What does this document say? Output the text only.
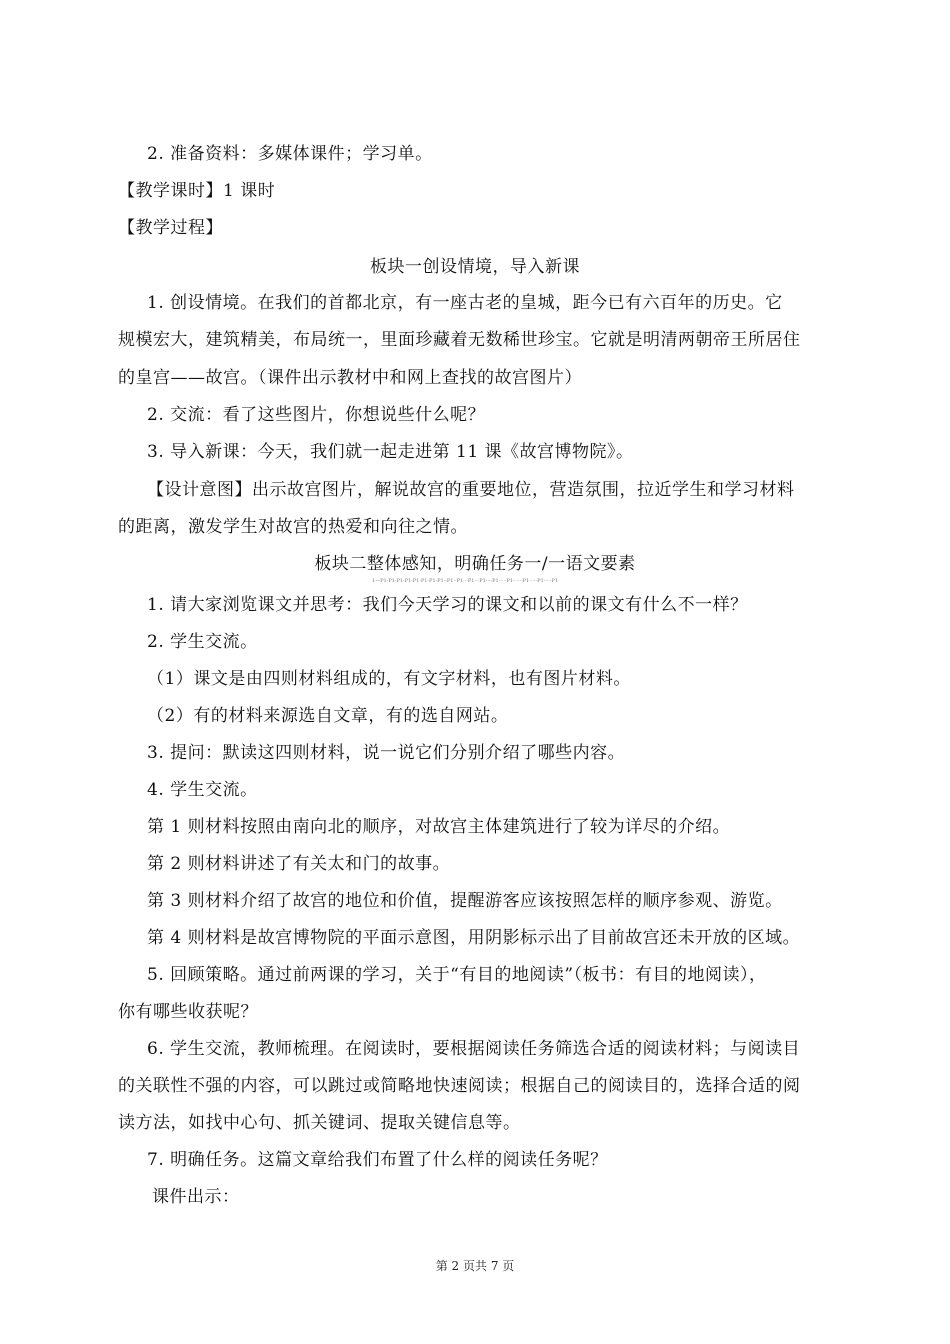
2. 准备资料：多媒体课件；学习单。
【教学课时】1 课时
【教学过程】
板块一创设情境，导入新课
1. 创设情境。在我们的首都北京，有一座古老的皇城，距今已有六百年的历史。它
规模宏大，建筑精美，布局统一，里面珍藏着无数稀世珍宝。它就是明清两朝帝王所居住
的皇宫——故宫。（课件出示教材中和网上查找的故宫图片）
2. 交流：看了这些图片，你想说些什么呢？
3. 导入新课：今天，我们就一起走进第 11 课《故宫博物院》。
【设计意图】出示故宫图片，解说故宫的重要地位，营造氛围，拉近学生和学习材料
的距离，激发学生对故宫的热爱和向往之情。
板块二整体感知，明确任务一/一语文要素
1—P1·P1·P1·P1·P1·P1·P1·P1··P1··P1···P1···P1····P1·····P1······P1·····P1·····P1
1. 请大家浏览课文并思考：我们今天学习的课文和以前的课文有什么不一样？
2. 学生交流。
（1）课文是由四则材料组成的，有文字材料，也有图片材料。
（2）有的材料来源选自文章，有的选自网站。
3. 提问：默读这四则材料，说一说它们分别介绍了哪些内容。
4. 学生交流。
第 1 则材料按照由南向北的顺序，对故宫主体建筑进行了较为详尽的介绍。
第 2 则材料讲述了有关太和门的故事。
第 3 则材料介绍了故宫的地位和价值，提醒游客应该按照怎样的顺序参观、游览。
第 4 则材料是故宫博物院的平面示意图，用阴影标示出了目前故宫还未开放的区域。
5. 回顾策略。通过前两课的学习，关于“有目的地阅读”（板书：有目的地阅读），
你有哪些收获呢？
6. 学生交流，教师梳理。在阅读时，要根据阅读任务筛选合适的阅读材料；与阅读目
的关联性不强的内容，可以跳过或简略地快速阅读；根据自己的阅读目的，选择合适的阅
读方法，如找中心句、抓关键词、提取关键信息等。
7. 明确任务。这篇文章给我们布置了什么样的阅读任务呢？
课件出示：
第 2 页共 7 页
